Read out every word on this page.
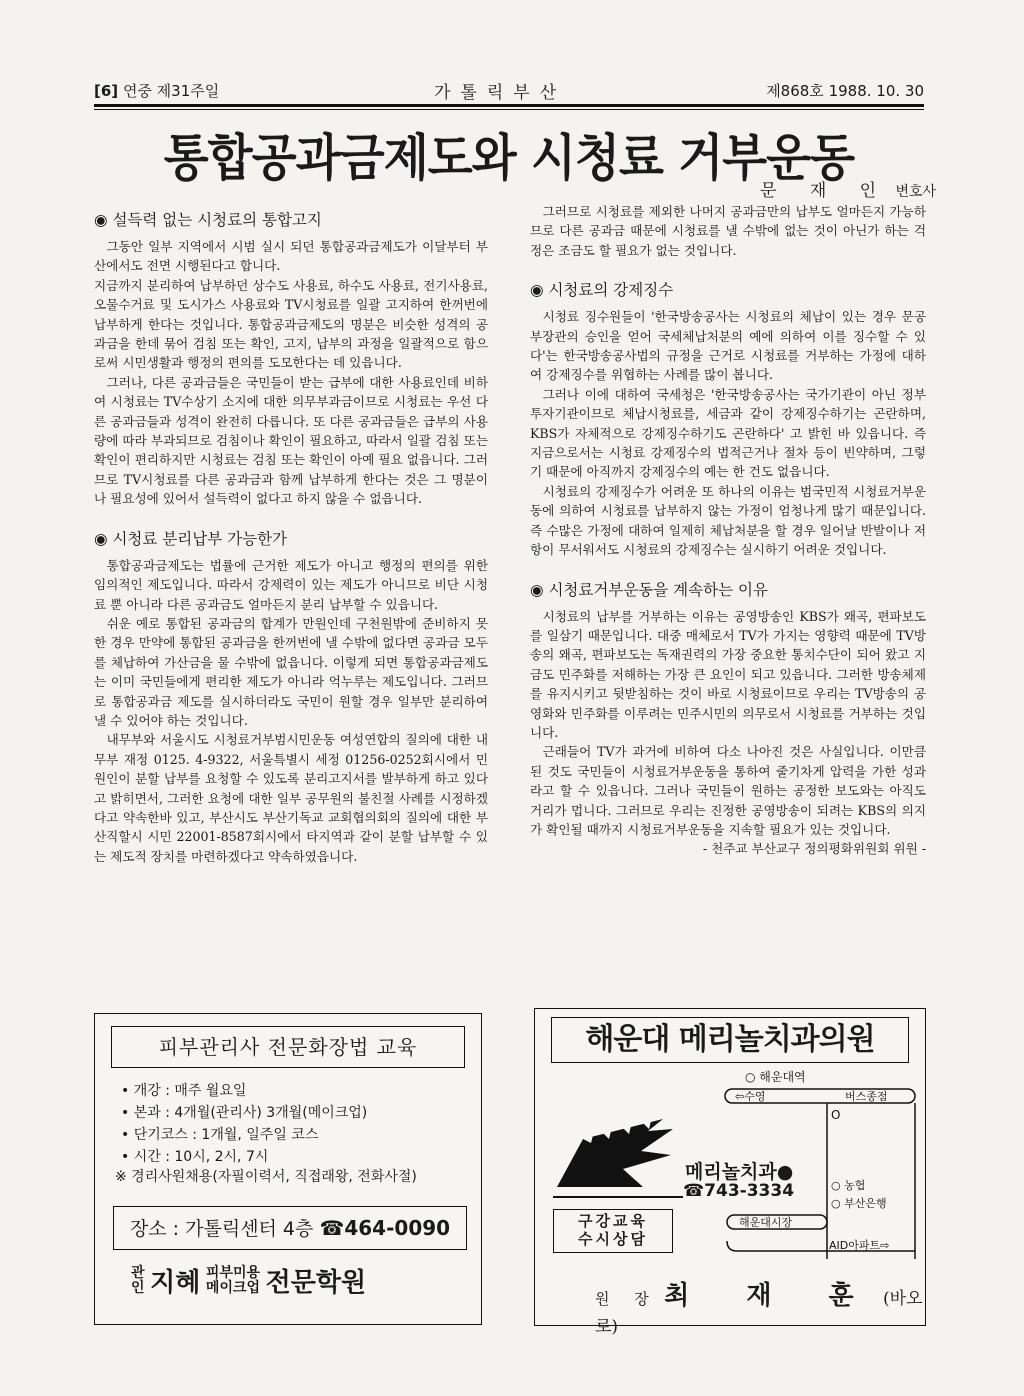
[6] 연중 제31주일	가톨릭부산	제868호 1988. 10. 30
통합공과금제도와 시청료 거부운동
문 재 인 변호사
◉ 설득력 없는 시청료의 통합고지

그동안 일부 지역에서 시범 실시 되던 통합공과금제도가 이달부터 부산에서도 전면 시행된다고 합니다.

지금까지 분리하여 납부하던 상수도 사용료, 하수도 사용료, 전기사용료, 오물수거료 및 도시가스 사용료와 TV시청료를 일괄 고지하여 한꺼번에 납부하게 한다는 것입니다. 통합공과금제도의 명분은 비슷한 성격의 공과금을 한데 묶어 검침 또는 확인, 고지, 납부의 과정을 일괄적으로 함으로써 시민생활과 행정의 편의를 도모한다는 데 있읍니다.

그러나, 다른 공과금들은 국민들이 받는 급부에 대한 사용료인데 비하여 시청료는 TV수상기 소지에 대한 의무부과금이므로 시청료는 우선 다른 공과금들과 성격이 완전히 다릅니다. 또 다른 공과금들은 급부의 사용량에 따라 부과되므로 검침이나 확인이 필요하고, 따라서 일괄 검침 또는 확인이 편리하지만 시청료는 검침 또는 확인이 아예 필요 없읍니다. 그러므로 TV시청료를 다른 공과금과 함께 납부하게 한다는 것은 그 명분이나 필요성에 있어서 설득력이 없다고 하지 않을 수 없읍니다.

◉ 시청료 분리납부 가능한가

통합공과금제도는 법률에 근거한 제도가 아니고 행정의 편의를 위한 임의적인 제도입니다. 따라서 강제력이 있는 제도가 아니므로 비단 시청료 뿐 아니라 다른 공과금도 얼마든지 분리 납부할 수 있읍니다.

쉬운 예로 통합된 공과금의 합계가 만원인데 구천원밖에 준비하지 못한 경우 만약에 통합된 공과금을 한꺼번에 낼 수밖에 없다면 공과금 모두를 체납하여 가산금을 물 수밖에 없읍니다. 이렇게 되면 통합공과금제도는 이미 국민들에게 편리한 제도가 아니라 억누루는 제도입니다. 그러므로 통합공과금 제도를 실시하더라도 국민이 원할 경우 일부만 분리하여 낼 수 있어야 하는 것입니다.

내무부와 서울시도 시청료거부범시민운동 여성연합의 질의에 대한 내무부 재정 0125. 4-9322, 서울특별시 세정 01256-0252회시에서 민원인이 분할 납부를 요청할 수 있도록 분리고지서를 발부하게 하고 있다고 밝히면서, 그러한 요청에 대한 일부 공무원의 불친절 사례를 시정하겠다고 약속한바 있고, 부산시도 부산기독교 교회협의회의 질의에 대한 부산직할시 시민 22001-8587회시에서 타지역과 같이 분할 납부할 수 있는 제도적 장치를 마련하겠다고 약속하였읍니다.

그러므로 시청료를 제외한 나머지 공과금만의 납부도 얼마든지 가능하므로 다른 공과금 때문에 시청료를 낼 수밖에 없는 것이 아닌가 하는 걱정은 조금도 할 필요가 없는 것입니다.

◉ 시청료의 강제징수

시청료 징수원들이 '한국방송공사는 시청료의 체납이 있는 경우 문공부장관의 승인을 얻어 국세체납처분의 예에 의하여 이를 징수할 수 있다'는 한국방송공사법의 규정을 근거로 시청료를 거부하는 가정에 대하여 강제징수를 위협하는 사례를 많이 봅니다.

그러나 이에 대하여 국세청은 '한국방송공사는 국가기관이 아닌 정부투자기관이므로 체납시청료를, 세금과 같이 강제징수하기는 곤란하며, KBS가 자체적으로 강제징수하기도 곤란하다' 고 밝힌 바 있읍니다. 즉 지금으로서는 시청료 강제징수의 법적근거나 절차 등이 빈약하며, 그렇기 때문에 아직까지 강제징수의 예는 한 건도 없읍니다.

시청료의 강제징수가 어려운 또 하나의 이유는 범국민적 시청료거부운동에 의하여 시청료를 납부하지 않는 가정이 엄청나게 많기 때문입니다. 즉 수많은 가정에 대하여 일제히 체납처분을 할 경우 일어날 반발이나 저항이 무서워서도 시청료의 강제징수는 실시하기 어려운 것입니다.

◉ 시청료거부운동을 계속하는 이유

시청료의 납부를 거부하는 이유는 공영방송인 KBS가 왜곡, 편파보도를 일삼기 때문입니다. 대중 매체로서 TV가 가지는 영향력 때문에 TV방송의 왜곡, 편파보도는 독재권력의 가장 중요한 통치수단이 되어 왔고 지금도 민주화를 저해하는 가장 큰 요인이 되고 있읍니다. 그러한 방송체제를 유지시키고 뒷받침하는 것이 바로 시청료이므로 우리는 TV방송의 공영화와 민주화를 이루려는 민주시민의 의무로서 시청료를 거부하는 것입니다.

근래들어 TV가 과거에 비하여 다소 나아진 것은 사실입니다. 이만큼 된 것도 국민들이 시청료거부운동을 통하여 줄기차게 압력을 가한 성과라고 할 수 있읍니다. 그러나 국민들이 원하는 공정한 보도와는 아직도 거리가 멉니다. 그러므로 우리는 진정한 공영방송이 되려는 KBS의 의지가 확인될 때까지 시청료거부운동을 지속할 필요가 있는 것입니다.

- 천주교 부산교구 정의평화위원회 위원 -

피부관리사 전문화장법 교육
• 개강 : 매주 월요일
• 본과 : 4개월(관리사) 3개월(메이크업)
• 단기코스 : 1개월, 일주일 코스
• 시간 : 10시, 2시, 7시
※ 경리사원채용(자필이력서, 직접래왕, 전화사절)
장소 : 가톨릭센터 4층 ☎464-0090
관
인 지혜 피부미용
메이크업 전문학원
해운대 메리놀치과의원
구강교육
수시상담
메리놀치과●
☎743-3334
○ 해운대역
⇦수영	버스종점
O
○ 농협
○ 부산은행
해운대시장
AID아파트⇨
원 장 최 재 훈 (바오로)
